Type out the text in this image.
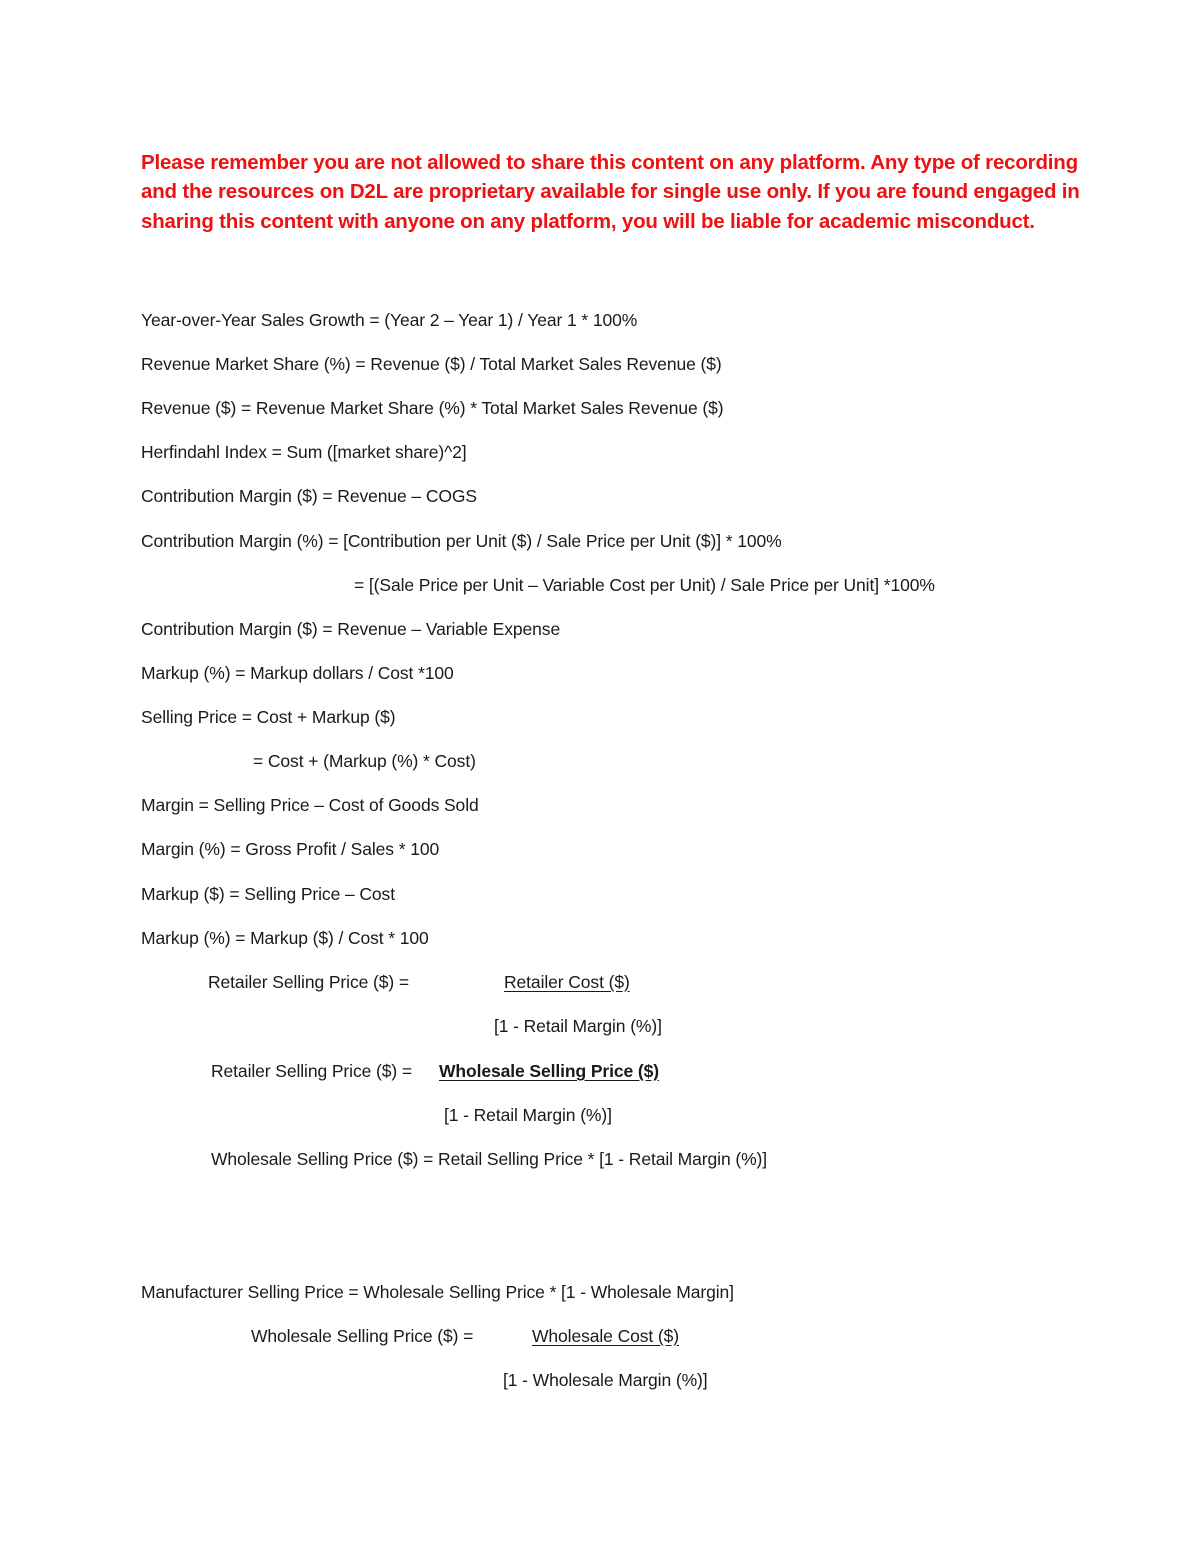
Please remember you are not allowed to share this content on any platform. Any type of recording and the resources on D2L are proprietary available for single use only. If you are found engaged in sharing this content with anyone on any platform, you will be liable for academic misconduct.
Year-over-Year Sales Growth = (Year 2 – Year 1) / Year 1 * 100%
Revenue Market Share (%) = Revenue ($) / Total Market Sales Revenue ($)
Revenue ($) = Revenue Market Share (%) * Total Market Sales Revenue ($)
Herfindahl Index = Sum ([market share)^2]
Contribution Margin ($) = Revenue – COGS
Contribution Margin (%) = [Contribution per Unit ($) / Sale Price per Unit ($)] * 100%
= [(Sale Price per Unit – Variable Cost per Unit) / Sale Price per Unit] *100%
Contribution Margin ($) = Revenue – Variable Expense
Markup (%) = Markup dollars / Cost *100
Selling Price = Cost + Markup ($)
= Cost + (Markup (%) * Cost)
Margin = Selling Price – Cost of Goods Sold
Margin (%) = Gross Profit / Sales * 100
Markup ($) = Selling Price – Cost
Markup (%) = Markup ($) / Cost * 100
Retailer Selling Price ($) =	Retailer Cost ($)
[1 - Retail Margin (%)]
Retailer Selling Price ($) = Wholesale Selling Price ($)
[1 - Retail Margin (%)]
Wholesale Selling Price ($) = Retail Selling Price * [1 - Retail Margin (%)]
Manufacturer Selling Price = Wholesale Selling Price * [1 - Wholesale Margin]
Wholesale Selling Price ($) =	Wholesale Cost ($)
[1 - Wholesale Margin (%)]
